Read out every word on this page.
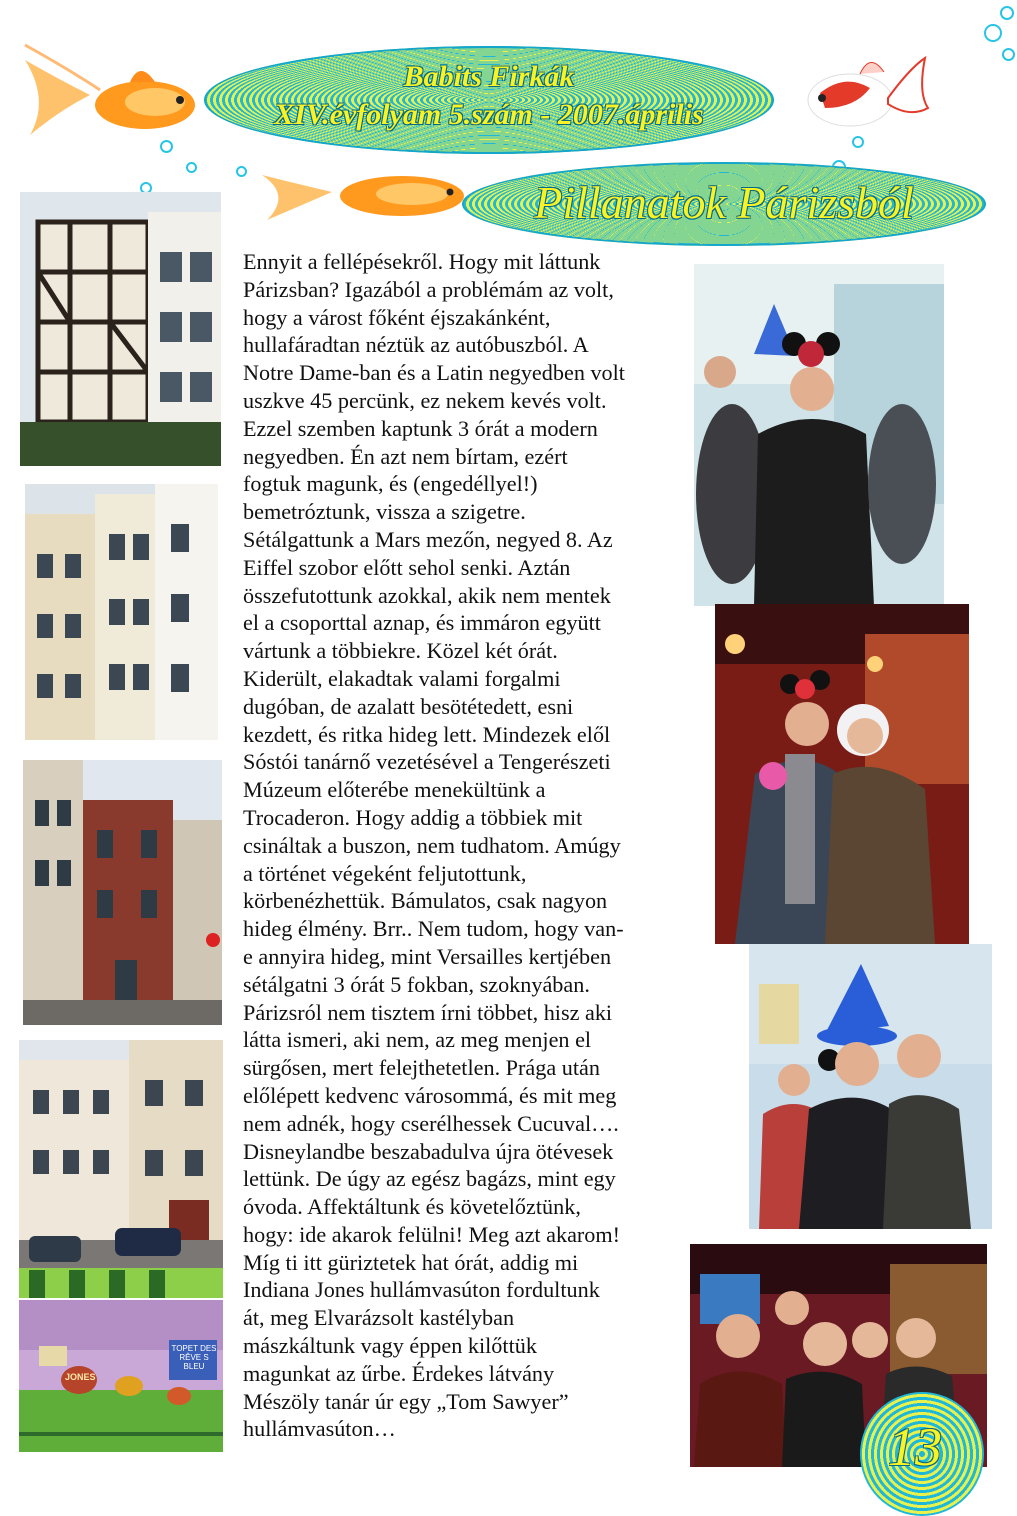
Babits Firkák
XIV.évfolyam 5.szám - 2007.április
Pillanatok Párizsból
TOPET DES RÊVE S BLEU
JONES
13
Ennyit a fellépésekről. Hogy mit láttunk
Párizsban? Igazából a problémám az volt,
hogy a várost főként éjszakánként,
hullafáradtan néztük az autóbuszból. A
Notre Dame-ban és a Latin negyedben volt
uszkve 45 percünk, ez nekem kevés volt.
Ezzel szemben kaptunk 3 órát a modern
negyedben. Én azt nem bírtam, ezért
fogtuk magunk, és (engedéllyel!)
bemetróztunk, vissza a szigetre.
Sétálgattunk a Mars mezőn, negyed 8. Az
Eiffel szobor előtt sehol senki. Aztán
összefutottunk azokkal, akik nem mentek
el a csoporttal aznap, és immáron együtt
vártunk a többiekre. Közel két órát.
Kiderült, elakadtak valami forgalmi
dugóban, de azalatt besötétedett, esni
kezdett, és ritka hideg lett. Mindezek elől
Sóstói tanárnő vezetésével a Tengerészeti
Múzeum előterébe menekültünk a
Trocaderon. Hogy addig a többiek mit
csináltak a buszon, nem tudhatom. Amúgy
a történet végeként feljutottunk,
körbenézhettük. Bámulatos, csak nagyon
hideg élmény. Brr.. Nem tudom, hogy van-
e annyira hideg, mint Versailles kertjében
sétálgatni 3 órát 5 fokban, szoknyában.
Párizsról nem tisztem írni többet, hisz aki
látta ismeri, aki nem, az meg menjen el
sürgősen, mert felejthetetlen. Prága után
előlépett kedvenc városommá, és mit meg
nem adnék, hogy cserélhessek Cucuval….
Disneylandbe beszabadulva újra ötévesek
lettünk. De úgy az egész bagázs, mint egy
óvoda. Affektáltunk és követelőztünk,
hogy: ide akarok felülni! Meg azt akarom!
Míg ti itt güriztetek hat órát, addig mi
Indiana Jones hullámvasúton fordultunk
át, meg Elvarázsolt kastélyban
mászkáltunk vagy éppen kilőttük
magunkat az űrbe. Érdekes látvány
Mészöly tanár úr egy „Tom Sawyer”
hullámvasúton…
